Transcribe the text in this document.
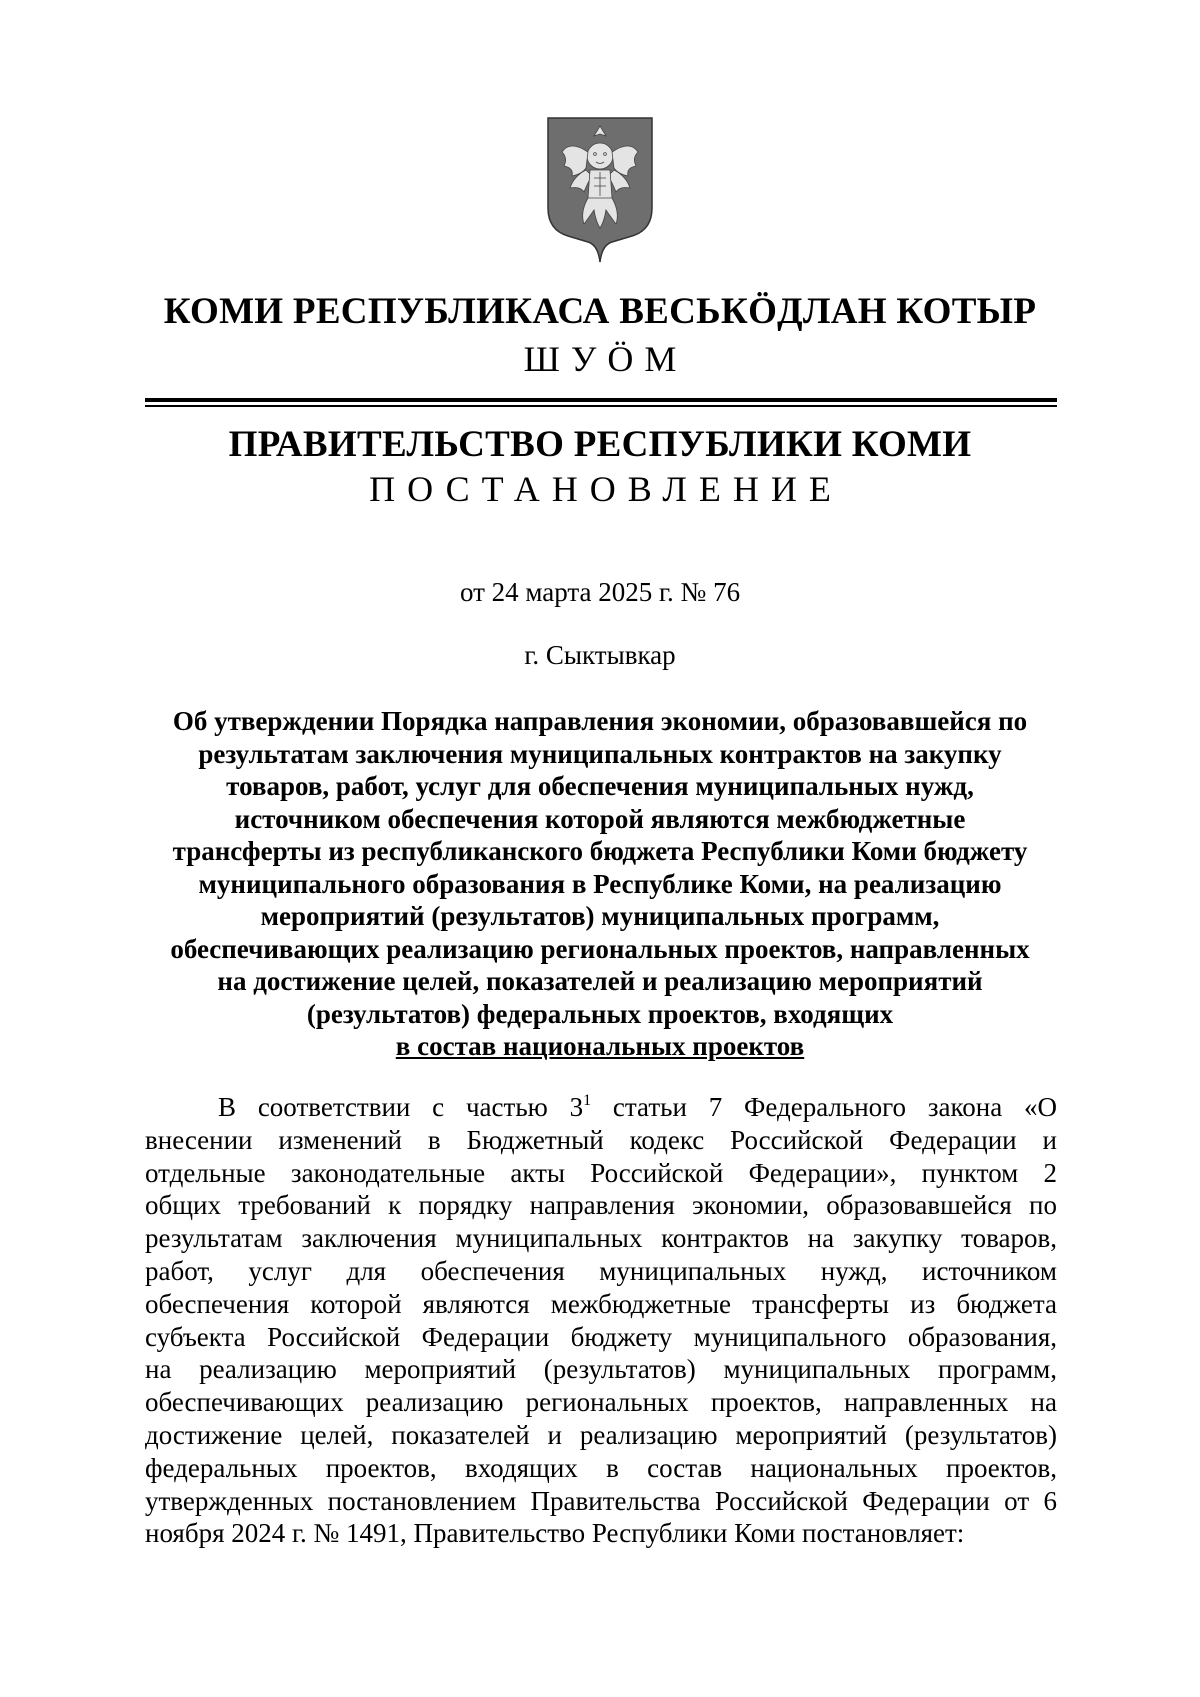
КОМИ РЕСПУБЛИКАСА ВЕСЬКӦДЛАН КОТЫР
ШУӦМ
ПРАВИТЕЛЬСТВО РЕСПУБЛИКИ КОМИ
ПОСТАНОВЛЕНИЕ
от 24 марта 2025 г. № 76
г. Сыктывкар
Об утверждении Порядка направления экономии, образовавшейся по
результатам заключения муниципальных контрактов на закупку
товаров, работ, услуг для обеспечения муниципальных нужд,
источником обеспечения которой являются межбюджетные
трансферты из республиканского бюджета Республики Коми бюджету
муниципального образования в Республике Коми, на реализацию
мероприятий (результатов) муниципальных программ,
обеспечивающих реализацию региональных проектов, направленных
на достижение целей, показателей и реализацию мероприятий
(результатов) федеральных проектов, входящих
в состав национальных проектов
В соответствии с частью $3^1$ статьи 7 Федерального закона «О
внесении изменений в Бюджетный кодекс Российской Федерации и
отдельные законодательные акты Российской Федерации», пунктом 2
общих требований к порядку направления экономии, образовавшейся по
результатам заключения муниципальных контрактов на закупку товаров,
работ, услуг для обеспечения муниципальных нужд, источником
обеспечения которой являются межбюджетные трансферты из бюджета
субъекта Российской Федерации бюджету муниципального образования,
на реализацию мероприятий (результатов) муниципальных программ,
обеспечивающих реализацию региональных проектов, направленных на
достижение целей, показателей и реализацию мероприятий (результатов)
федеральных проектов, входящих в состав национальных проектов,
утвержденных постановлением Правительства Российской Федерации от 6
ноября 2024 г. № 1491, Правительство Республики Коми постановляет:
